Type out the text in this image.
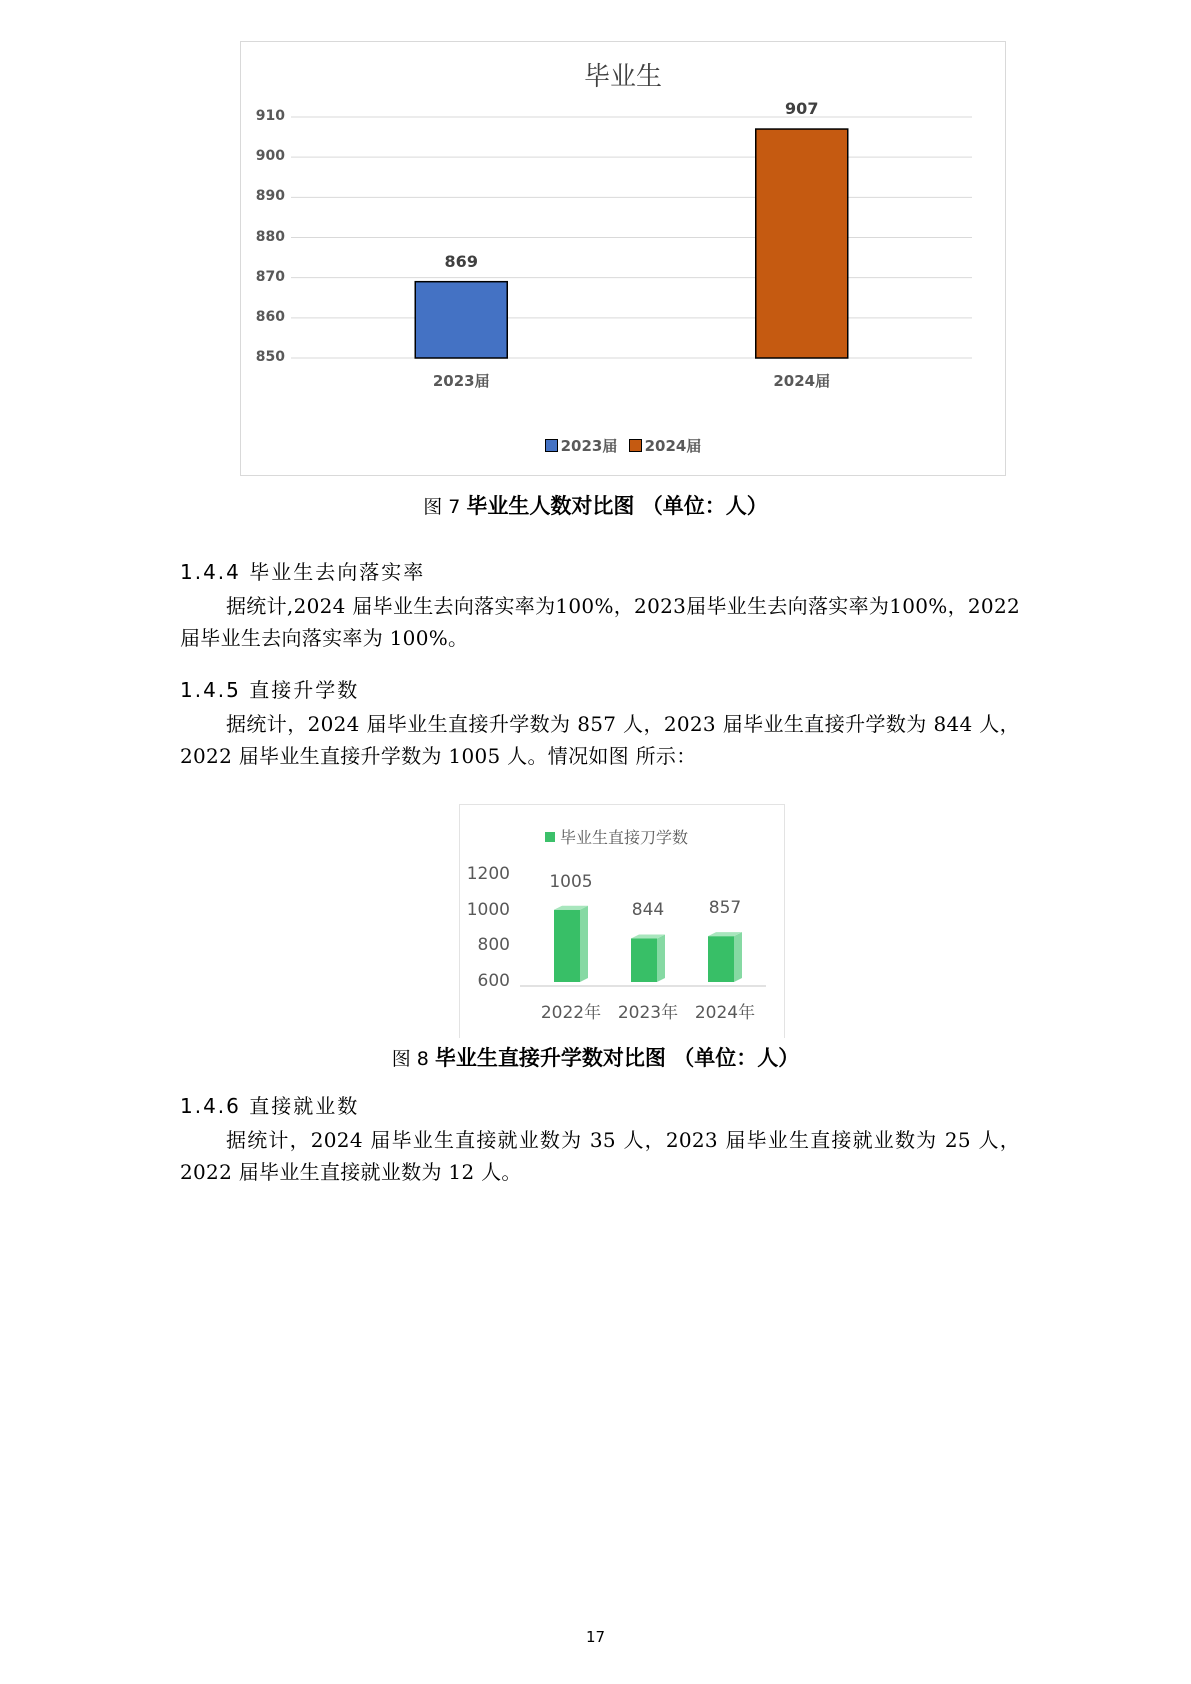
毕业生
910
900
890
880
870
860
850
869
2023届
907
2024届
2023届
2024届
图 7 毕业生人数对比图 （单位：人）
1.4.4 毕业生去向落实率
据统计,2024 届毕业生去向落实率为100%，2023届毕业生去向落实率为100%，2022届毕业生去向落实率为 100%。
1.4.5 直接升学数
据统计，2024 届毕业生直接升学数为 857 人，2023 届毕业生直接升学数为 844 人，2022 届毕业生直接升学数为 1005 人。情况如图 所示：
毕业生直接刀学数
1200
1000
800
600
1005
2022年
844
2023年
857
2024年
图 8 毕业生直接升学数对比图 （单位：人）
1.4.6 直接就业数
据统计，2024 届毕业生直接就业数为 35 人，2023 届毕业生直接就业数为 25 人，2022 届毕业生直接就业数为 12 人。
17
